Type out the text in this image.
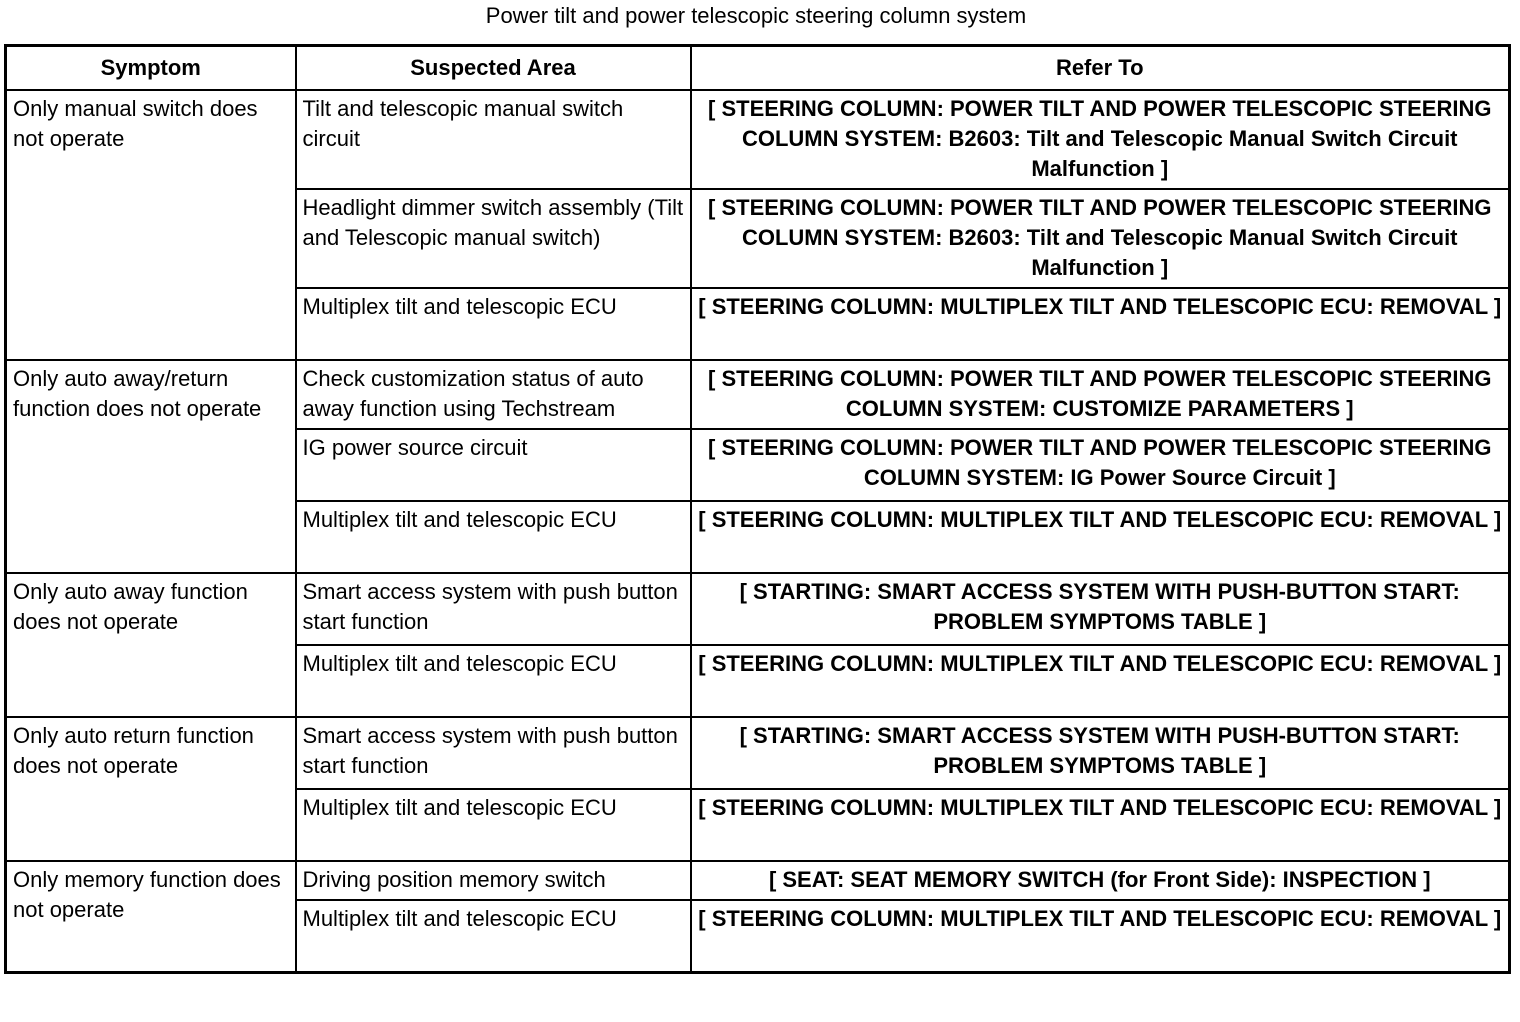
Power tilt and power telescopic steering column system
Symptom	Suspected Area	Refer To
Only manual switch does not operate	Tilt and telescopic manual switch circuit	[ STEERING COLUMN: POWER TILT AND POWER TELESCOPIC STEERING COLUMN SYSTEM: B2603: Tilt and Telescopic Manual Switch Circuit Malfunction ]
	Headlight dimmer switch assembly (Tilt and Telescopic manual switch)	[ STEERING COLUMN: POWER TILT AND POWER TELESCOPIC STEERING COLUMN SYSTEM: B2603: Tilt and Telescopic Manual Switch Circuit Malfunction ]
	Multiplex tilt and telescopic ECU	[ STEERING COLUMN: MULTIPLEX TILT AND TELESCOPIC ECU: REMOVAL ]
Only auto away/return function does not operate	Check customization status of auto away function using Techstream	[ STEERING COLUMN: POWER TILT AND POWER TELESCOPIC STEERING COLUMN SYSTEM: CUSTOMIZE PARAMETERS ]
	IG power source circuit	[ STEERING COLUMN: POWER TILT AND POWER TELESCOPIC STEERING COLUMN SYSTEM: IG Power Source Circuit ]
	Multiplex tilt and telescopic ECU	[ STEERING COLUMN: MULTIPLEX TILT AND TELESCOPIC ECU: REMOVAL ]
Only auto away function does not operate	Smart access system with push button start function	[ STARTING: SMART ACCESS SYSTEM WITH PUSH-BUTTON START: PROBLEM SYMPTOMS TABLE ]
	Multiplex tilt and telescopic ECU	[ STEERING COLUMN: MULTIPLEX TILT AND TELESCOPIC ECU: REMOVAL ]
Only auto return function does not operate	Smart access system with push button start function	[ STARTING: SMART ACCESS SYSTEM WITH PUSH-BUTTON START: PROBLEM SYMPTOMS TABLE ]
	Multiplex tilt and telescopic ECU	[ STEERING COLUMN: MULTIPLEX TILT AND TELESCOPIC ECU: REMOVAL ]
Only memory function does not operate	Driving position memory switch	[ SEAT: SEAT MEMORY SWITCH (for Front Side): INSPECTION ]
	Multiplex tilt and telescopic ECU	[ STEERING COLUMN: MULTIPLEX TILT AND TELESCOPIC ECU: REMOVAL ]
